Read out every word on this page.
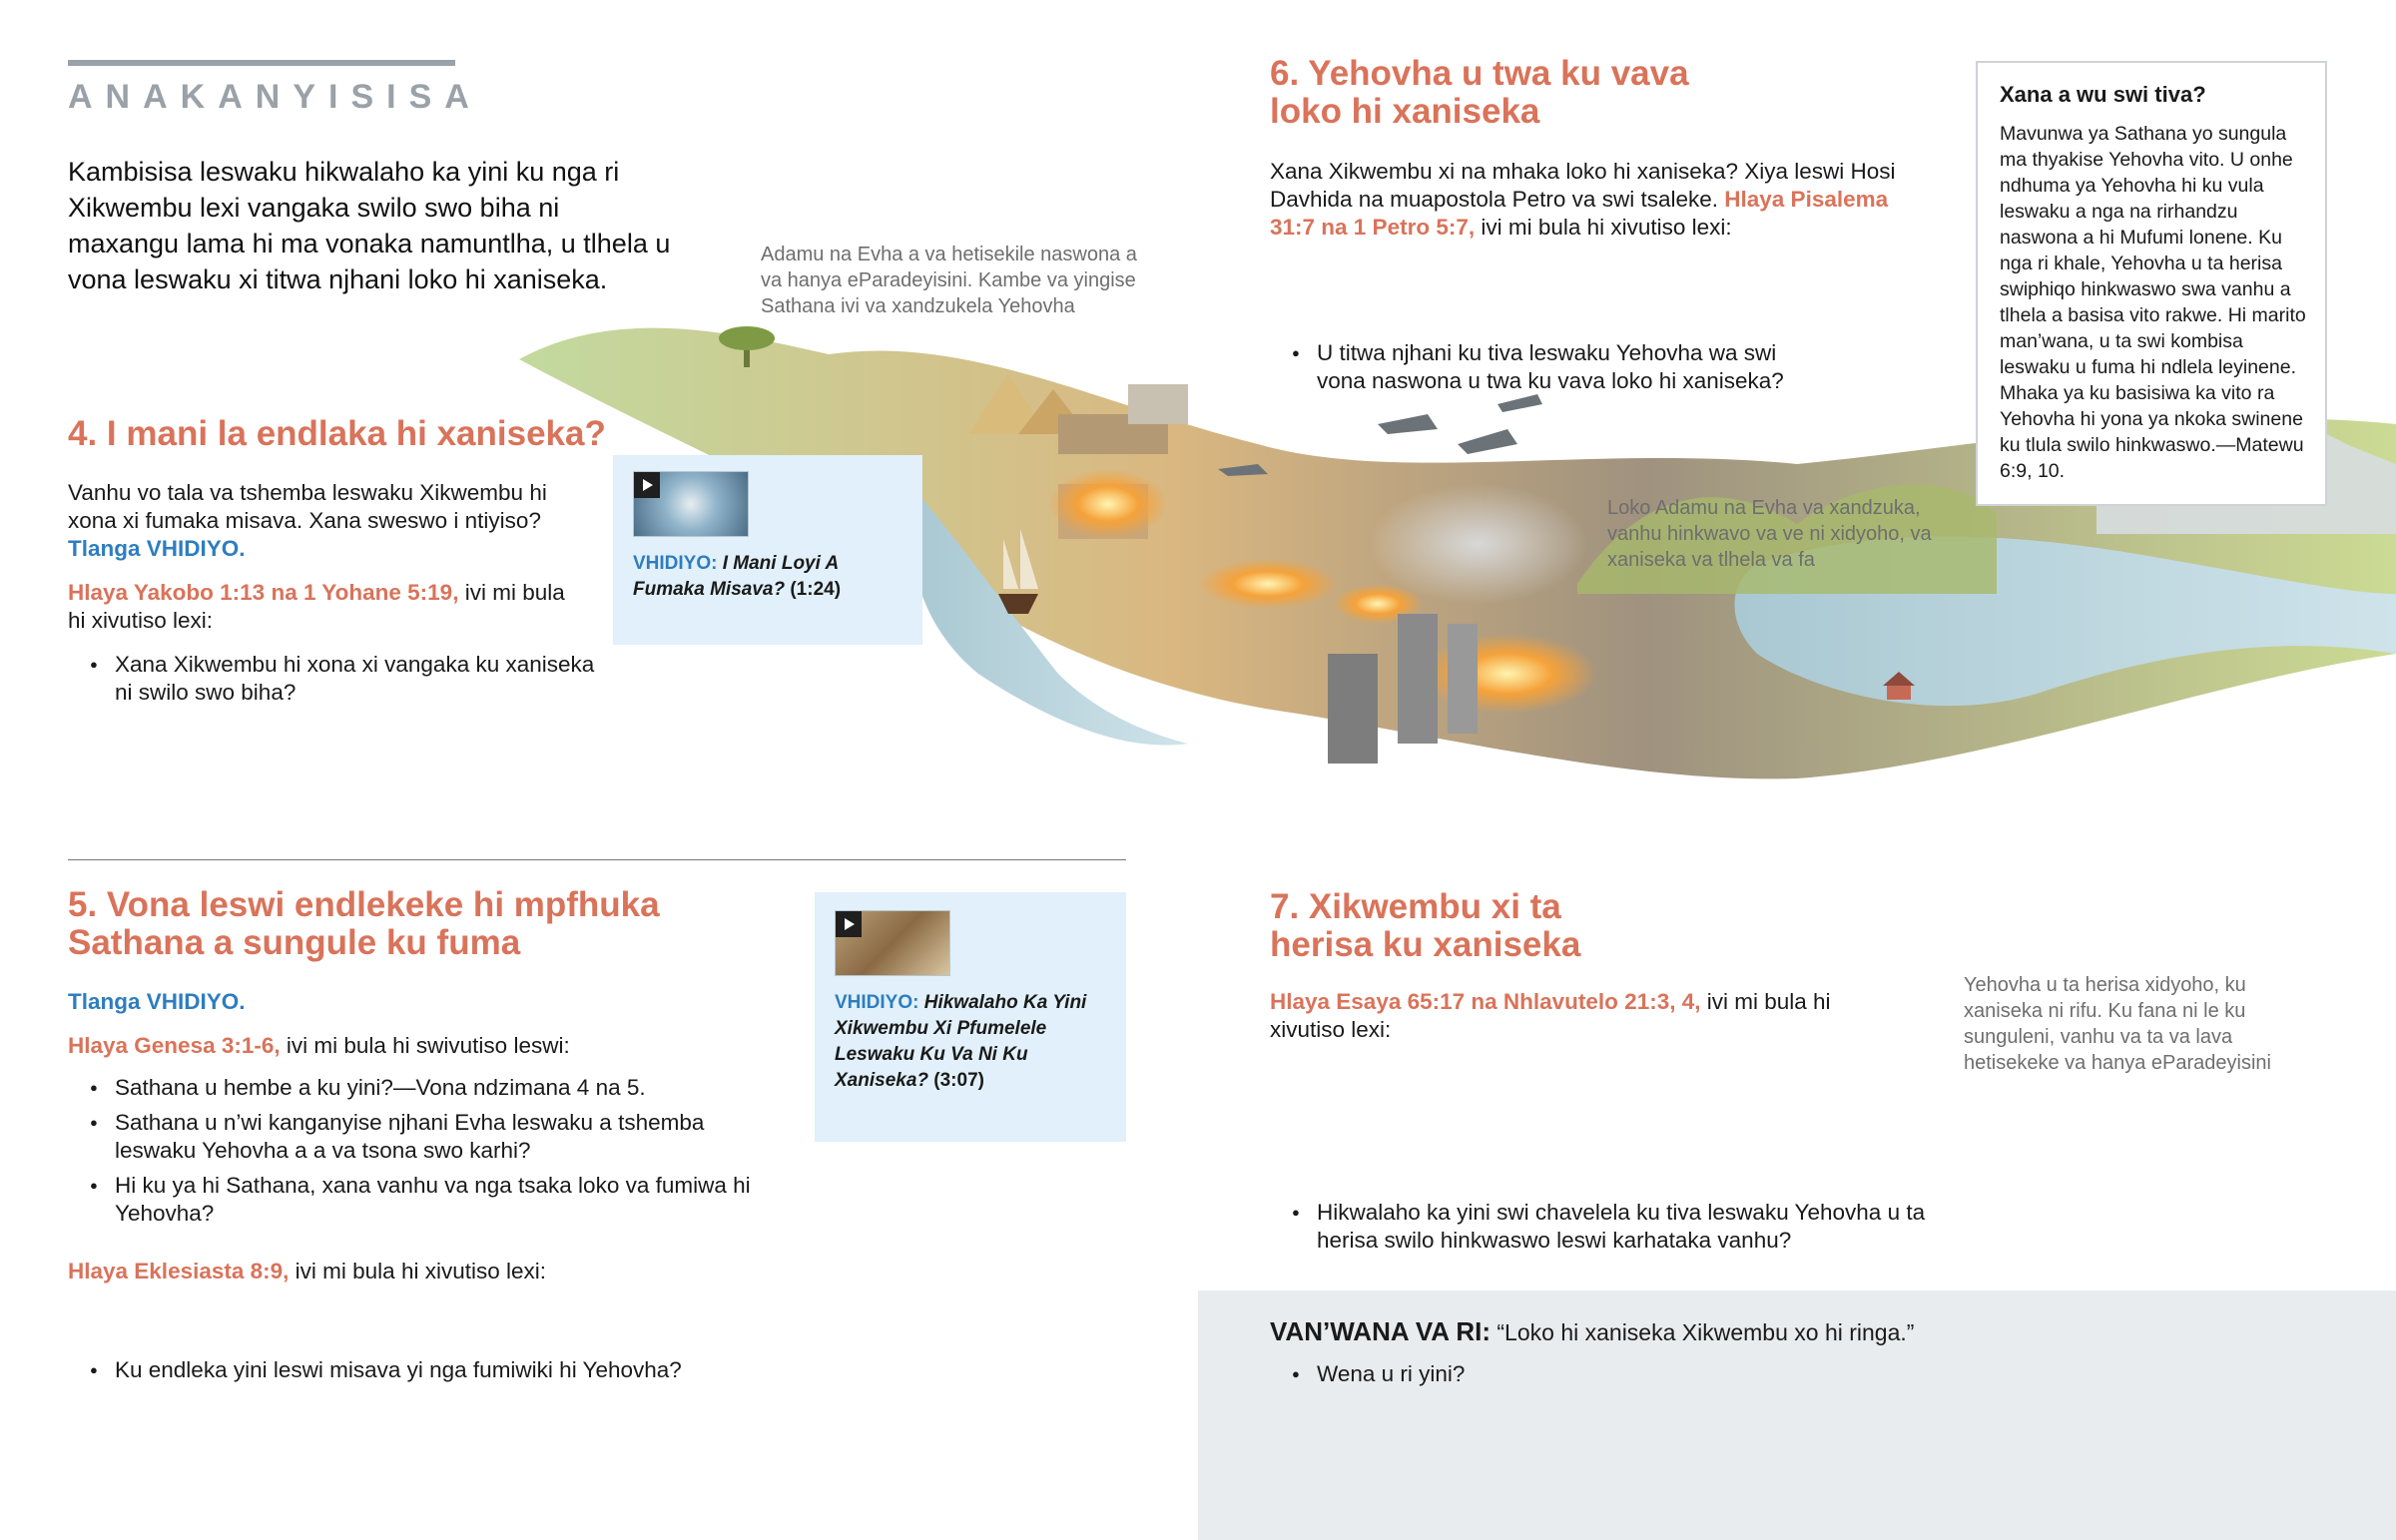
ANAKANYISISA
Kambisisa leswaku hikwalaho ka yini ku nga ri Xikwembu lexi vangaka swilo swo biha ni maxangu lama hi ma vonaka namuntlha, u tlhela u vona leswaku xi titwa njhani loko hi xaniseka.
Adamu na Evha a va hetisekile naswona a va hanya eParadeyisini. Kambe va yingise Sathana ivi va xandzukela Yehovha
Loko Adamu na Evha va xandzuka, vanhu hinkwavo va ve ni xidyoho, va xaniseka va tlhela va fa
Yehovha u ta herisa xidyoho, ku xaniseka ni rifu. Ku fana ni le ku sunguleni, vanhu va ta va lava hetisekeke va hanya eParadeyisini
4. I mani la endlaka hi xaniseka?
Vanhu vo tala va tshemba leswaku Xikwembu hi xona xi fumaka misava. Xana sweswo i ntiyiso?
Tlanga VHIDIYO.
Hlaya Yakobo 1:13 na 1 Yohane 5:19, ivi mi bula hi xivutiso lexi:
● Xana Xikwembu hi xona xi vangaka ku xaniseka ni swilo swo biha?
VHIDIYO: I Mani Loyi A Fumaka Misava? (1:24)
5. Vona leswi endlekeke hi mpfhuka Sathana a sungule ku fuma
Tlanga VHIDIYO.
Hlaya Genesa 3:1-6, ivi mi bula hi swivutiso leswi:
● Sathana u hembe a ku yini?—Vona ndzimana 4 na 5.
● Sathana u n’wi kanganyise njhani Evha leswaku a tshemba leswaku Yehovha a a va tsona swo karhi?
● Hi ku ya hi Sathana, xana vanhu va nga tsaka loko va fumiwa hi Yehovha?
Hlaya Eklesiasta 8:9, ivi mi bula hi xivutiso lexi:
● Ku endleka yini leswi misava yi nga fumiwiki hi Yehovha?
VHIDIYO: Hikwalaho Ka Yini Xikwembu Xi Pfumelele Leswaku Ku Va Ni Ku Xaniseka? (3:07)
6. Yehovha u twa ku vava loko hi xaniseka
Xana Xikwembu xi na mhaka loko hi xaniseka? Xiya leswi Hosi Davhida na muapostola Petro va swi tsaleke. Hlaya Pisalema 31:7 na 1 Petro 5:7, ivi mi bula hi xivutiso lexi:
● U titwa njhani ku tiva leswaku Yehovha wa swi vona naswona u twa ku vava loko hi xaniseka?
Xana a wu swi tiva?
Mavunwa ya Sathana yo sungula ma thyakise Yehovha vito. U onhe ndhuma ya Yehovha hi ku vula leswaku a nga na rirhandzu naswona a hi Mufumi lonene. Ku nga ri khale, Yehovha u ta herisa swiphiqo hinkwaswo swa vanhu a tlhela a basisa vito rakwe. Hi marito man’wana, u ta swi kombisa leswaku u fuma hi ndlela leyinene. Mhaka ya ku basisiwa ka vito ra Yehovha hi yona ya nkoka swinene ku tlula swilo hinkwaswo.—Matewu 6:9, 10.
7. Xikwembu xi ta herisa ku xaniseka
Hlaya Esaya 65:17 na Nhlavutelo 21:3, 4, ivi mi bula hi xivutiso lexi:
● Hikwalaho ka yini swi chavelela ku tiva leswaku Yehovha u ta herisa swilo hinkwaswo leswi karhataka vanhu?
VAN’WANA VA RI: “Loko hi xaniseka Xikwembu xo hi ringa.”
● Wena u ri yini?
